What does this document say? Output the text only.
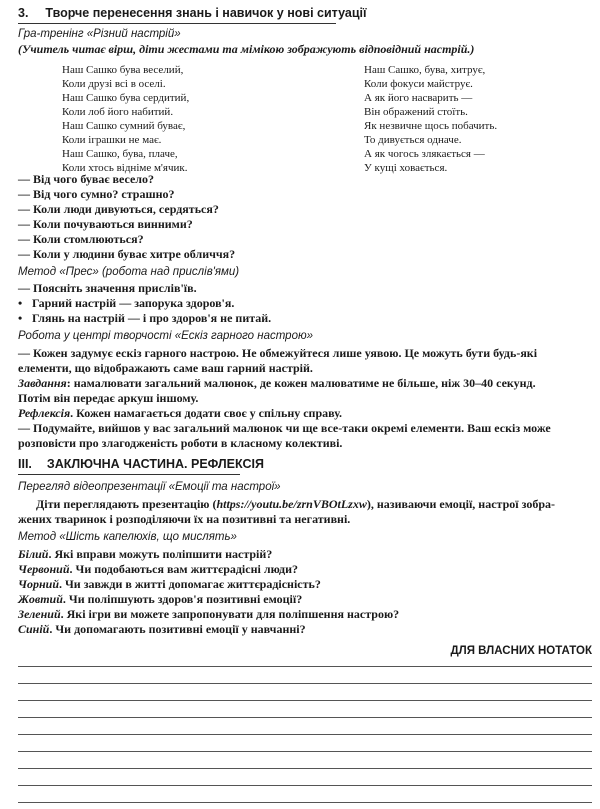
3. Творче перенесення знань і навичок у нові ситуації
Гра-тренінг «Різний настрій»
(Учитель читає вірш, діти жестами та мімікою зображують відповідний настрій.)
Наш Сашко бува веселий,
Коли друзі всі в оселі.
Наш Сашко бува сердитий,
Коли лоб його набитий.
Наш Сашко сумний буває,
Коли іграшки не має.
Наш Сашко, бува, плаче,
Коли хтось відніме м'ячик.
Наш Сашко, бува, хитрує,
Коли фокуси майструє.
А як його насварить —
Він ображений стоїть.
Як незвичне щось побачить.
То дивується одначе.
А як чогось злякається —
У кущі ховається.
— Від чого буває весело?
— Від чого сумно? страшно?
— Коли люди дивуються, сердяться?
— Коли почуваються винними?
— Коли стомлюються?
— Коли у людини буває хитре обличчя?
Метод «Прес» (робота над прислів'ями)
— Поясніть значення прислів'їв.
• Гарний настрій — запорука здоров'я.
• Глянь на настрій — і про здоров'я не питай.
Робота у центрі творчості «Ескіз гарного настрою»
— Кожен задумує ескіз гарного настрою. Не обмежуйтеся лише уявою. Це можуть бути будь-які
елементи, що відображають саме ваш гарний настрій.
Завдання: намалювати загальний малюнок, де кожен малюватиме не більше, ніж 30–40 секунд.
Потім він передає аркуш іншому.
Рефлексія. Кожен намагається додати своє у спільну справу.
— Подумайте, вийшов у вас загальний малюнок чи ще все-таки окремі елементи. Ваш ескіз може
розповісти про злагодженість роботи в класному колективі.
III. ЗАКЛЮЧНА ЧАСТИНА. РЕФЛЕКСІЯ
Перегляд відеопрезентації «Емоції та настрої»
Діти переглядають презентацію (https://youtu.be/zrnVBOtLzxw), називаючи емоції, настрої зобра-
жених тваринок і розподіляючи їх на позитивні та негативні.
Метод «Шість капелюхів, що мислять»
Білий. Які вправи можуть поліпшити настрій?
Червоний. Чи подобаються вам життєрадісні люди?
Чорний. Чи завжди в житті допомагає життєрадісність?
Жовтий. Чи поліпшують здоров'я позитивні емоції?
Зелений. Які ігри ви можете запропонувати для поліпшення настрою?
Синій. Чи допомагають позитивні емоції у навчанні?
ДЛЯ ВЛАСНИХ НОТАТОК
